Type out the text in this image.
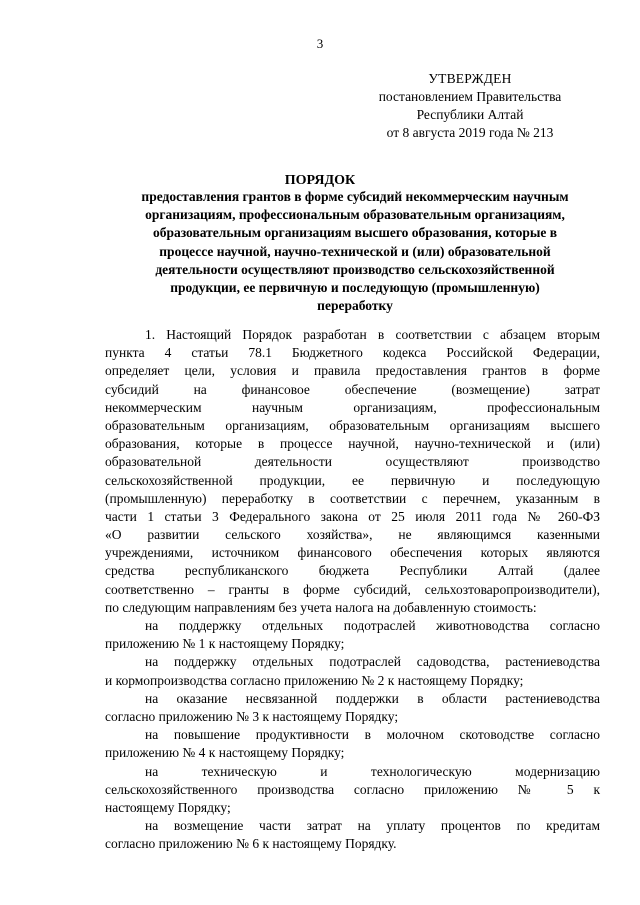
3
УТВЕРЖДЕН
постановлением Правительства
Республики Алтай
от 8 августа 2019 года № 213
ПОРЯДОК
предоставления грантов в форме субсидий некоммерческим научным
организациям, профессиональным образовательным организациям,
образовательным организациям высшего образования, которые в
процессе научной, научно-технической и (или) образовательной
деятельности осуществляют производство сельскохозяйственной
продукции, ее первичную и последующую (промышленную)
переработку
1. Настоящий Порядок разработан в соответствии с абзацем вторым
пункта 4 статьи 78.1 Бюджетного кодекса Российской Федерации,
определяет цели, условия и правила предоставления грантов в форме
субсидий на финансовое обеспечение (возмещение) затрат
некоммерческим научным организациям, профессиональным
образовательным организациям, образовательным организациям высшего
образования, которые в процессе научной, научно-технической и (или)
образовательной деятельности осуществляют производство
сельскохозяйственной продукции, ее первичную и последующую
(промышленную) переработку в соответствии с перечнем, указанным в
части 1 статьи 3 Федерального закона от 25 июля 2011 года № 260-ФЗ
«О развитии сельского хозяйства», не являющимся казенными
учреждениями, источником финансового обеспечения которых являются
средства республиканского бюджета Республики Алтай (далее
соответственно – гранты в форме субсидий, сельхозтоваропроизводители),
по следующим направлениям без учета налога на добавленную стоимость:
на поддержку отдельных подотраслей животноводства согласно
приложению № 1 к настоящему Порядку;
на поддержку отдельных подотраслей садоводства, растениеводства
и кормопроизводства согласно приложению № 2 к настоящему Порядку;
на оказание несвязанной поддержки в области растениеводства
согласно приложению № 3 к настоящему Порядку;
на повышение продуктивности в молочном скотоводстве согласно
приложению № 4 к настоящему Порядку;
на техническую и технологическую модернизацию
сельскохозяйственного производства согласно приложению № 5 к
настоящему Порядку;
на возмещение части затрат на уплату процентов по кредитам
согласно приложению № 6 к настоящему Порядку.
